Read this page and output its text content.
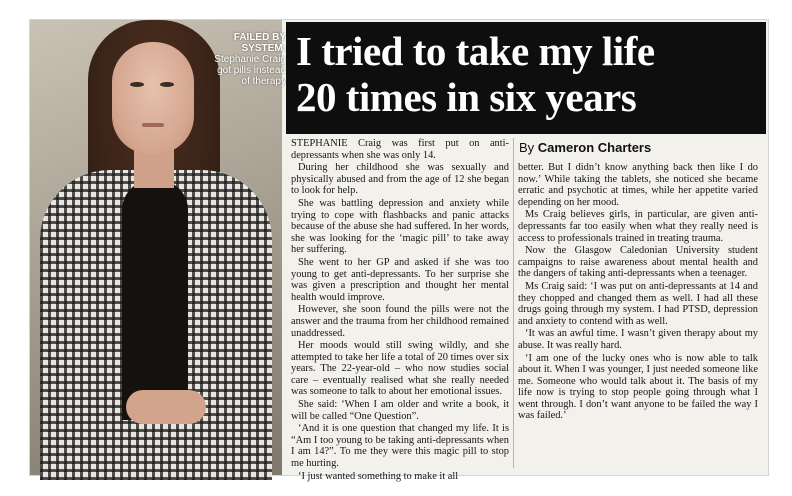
FAILED BY SYSTEM:
Stephanie Craig got pills instead of therapy
I tried to take my life
20 times in six years

STEPHANIE Craig was first put on anti-depressants when she was only 14.

During her childhood she was sexually and physically abused and from the age of 12 she began to look for help.

She was battling depression and anxiety while trying to cope with flashbacks and panic attacks because of the abuse she had suffered. In her words, she was looking for the ‘magic pill’ to take away her suffering.

She went to her GP and asked if she was too young to get anti-depressants. To her surprise she was given a prescription and thought her mental health would improve.

However, she soon found the pills were not the answer and the trauma from her childhood remained unaddressed.

Her moods would still swing wildly, and she attempted to take her life a total of 20 times over six years. The 22-year-old – who now studies social care – eventually realised what she really needed was someone to talk to about her emotional issues.

She said: ‘When I am older and write a book, it will be called “One Question”.

‘And it is one question that changed my life. It is “Am I too young to be taking anti-depressants when I am 14?”. To me they were this magic pill to stop me hurting.

‘I just wanted something to make it all

By Cameron Charters

better. But I didn’t know anything back then like I do now.’ While taking the tablets, she noticed she became erratic and psychotic at times, while her appetite varied depending on her mood.

Ms Craig believes girls, in particular, are given anti-depressants far too easily when what they really need is access to professionals trained in treating trauma.

Now the Glasgow Caledonian University student campaigns to raise awareness about mental health and the dangers of taking anti-depressants when a teenager.

Ms Craig said: ‘I was put on anti-depressants at 14 and they chopped and changed them as well. I had all these drugs going through my system. I had PTSD, depression and anxiety to contend with as well.

‘It was an awful time. I wasn’t given therapy about my abuse. It was really hard.

‘I am one of the lucky ones who is now able to talk about it. When I was younger, I just needed someone like me. Someone who would talk about it. The basis of my life now is trying to stop people going through what I went through. I don’t want anyone to be failed the way I was failed.’
